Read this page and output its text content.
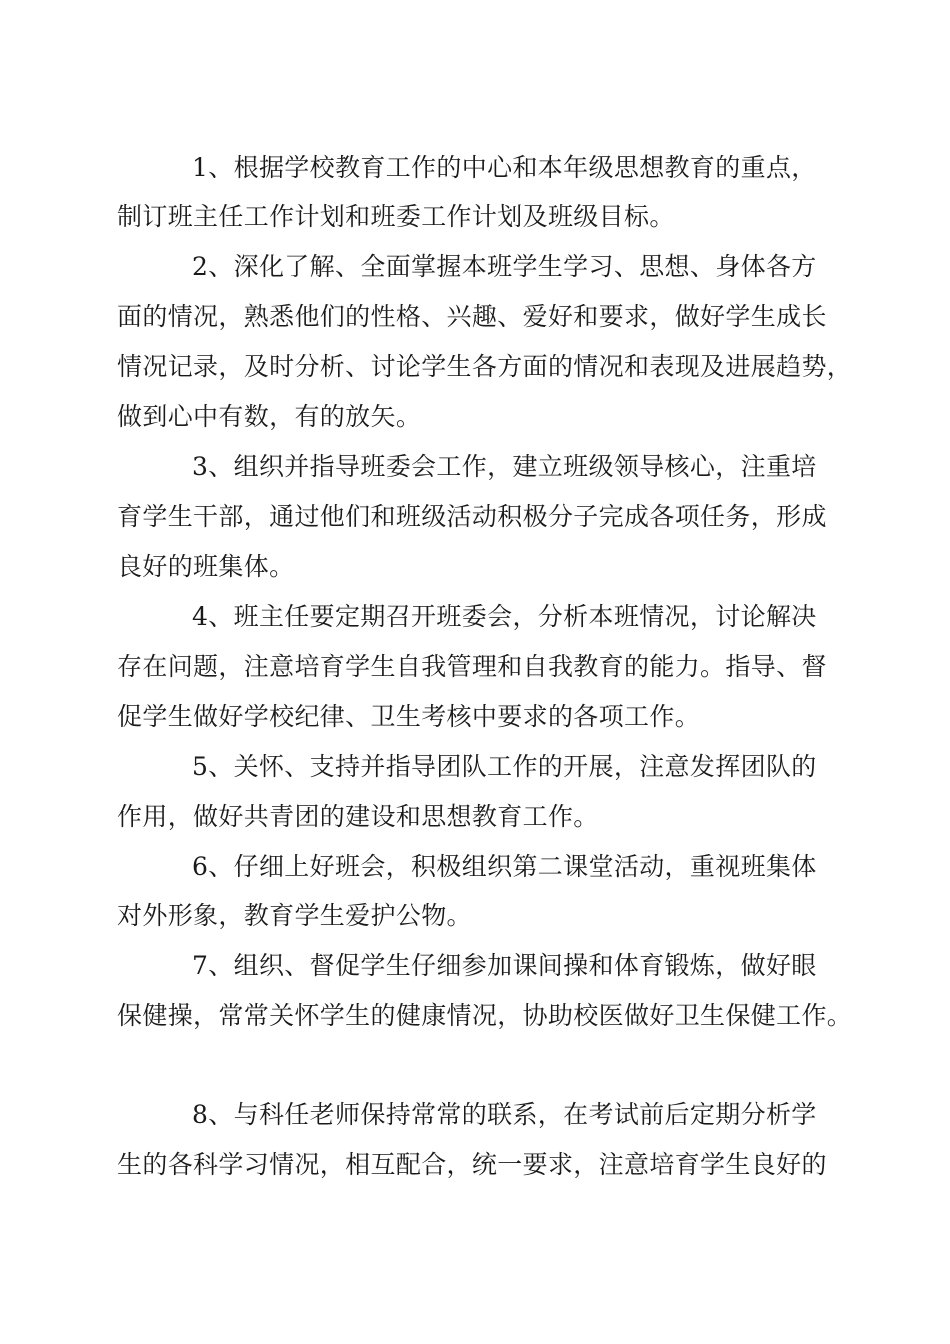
1、根据学校教育工作的中心和本年级思想教育的重点，
制订班主任工作计划和班委工作计划及班级目标。
2、深化了解、全面掌握本班学生学习、思想、身体各方
面的情况，熟悉他们的性格、兴趣、爱好和要求，做好学生成长
情况记录，及时分析、讨论学生各方面的情况和表现及进展趋势，
做到心中有数，有的放矢。
3、组织并指导班委会工作，建立班级领导核心，注重培
育学生干部，通过他们和班级活动积极分子完成各项任务，形成
良好的班集体。
4、班主任要定期召开班委会，分析本班情况，讨论解决
存在问题，注意培育学生自我管理和自我教育的能力。指导、督
促学生做好学校纪律、卫生考核中要求的各项工作。
5、关怀、支持并指导团队工作的开展，注意发挥团队的
作用，做好共青团的建设和思想教育工作。
6、仔细上好班会，积极组织第二课堂活动，重视班集体
对外形象，教育学生爱护公物。
7、组织、督促学生仔细参加课间操和体育锻炼，做好眼
保健操，常常关怀学生的健康情况，协助校医做好卫生保健工作。
8、与科任老师保持常常的联系，在考试前后定期分析学
生的各科学习情况，相互配合，统一要求，注意培育学生良好的
